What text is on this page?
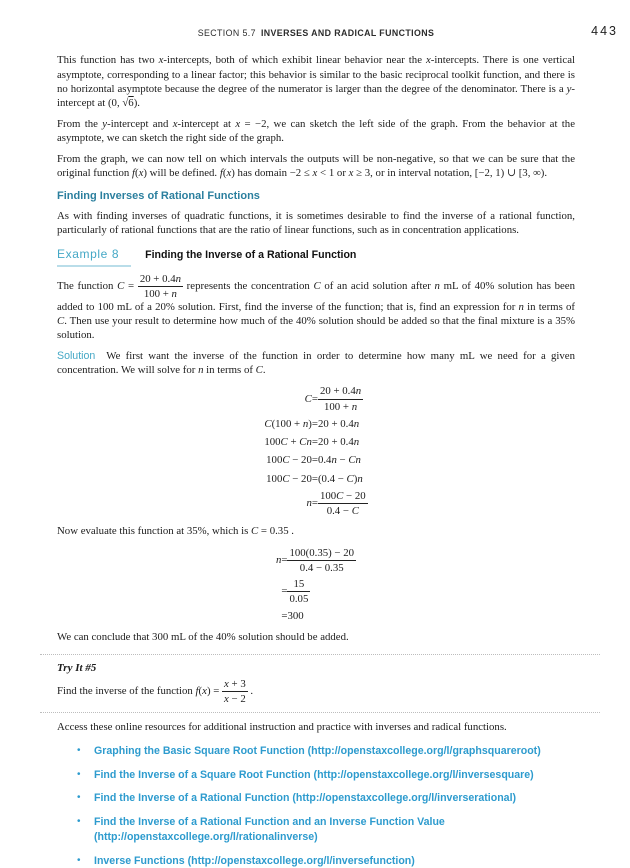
SECTION 5.7 INVERSES AND RADICAL FUNCTIONS	443

This function has two x-intercepts, both of which exhibit linear behavior near the x-intercepts. There is one vertical asymptote, corresponding to a linear factor; this behavior is similar to the basic reciprocal toolkit function, and there is no horizontal asymptote because the degree of the numerator is larger than the degree of the denominator. There is a y-intercept at (0, √6).

From the y-intercept and x-intercept at x = −2, we can sketch the left side of the graph. From the behavior at the asymptote, we can sketch the right side of the graph.

From the graph, we can now tell on which intervals the outputs will be non-negative, so that we can be sure that the original function f(x) will be defined. f(x) has domain −2 ≤ x < 1 or x ≥ 3, or in interval notation, [−2, 1) ∪ [3, ∞).

Finding Inverses of Rational Functions

As with finding inverses of quadratic functions, it is sometimes desirable to find the inverse of a rational function, particularly of rational functions that are the ratio of linear functions, such as in concentration applications.

Example 8 Finding the Inverse of a Rational Function

The function $C = \frac{20 + 0.4n}{100 + n}$ represents the concentration C of an acid solution after n mL of 40% solution has been added to 100 mL of a 20% solution. First, find the inverse of the function; that is, find an expression for n in terms of C. Then use your result to determine how much of the 40% solution should be added so that the final mixture is a 35% solution.

Solution We first want the inverse of the function in order to determine how many mL we need for a given concentration. We will solve for n in terms of C.

C	=	$\frac{20 + 0.4n}{100 + n}$

C(100 + n)	=	20 + 0.4n
100C + Cn	=	20 + 0.4n
100C − 20	=	0.4n − Cn
100C − 20	=	(0.4 − C)n
n	=	$\frac{100C - 20}{0.4 - C}$

Now evaluate this function at 35%, which is C = 0.35 .

n	=	$\frac{100(0.35) - 20}{0.4 - 0.35}$

	=	$\frac{15}{0.05}$

	=	300

We can conclude that 300 mL of the 40% solution should be added.

Try It #5
Find the inverse of the function $f(x) = \frac{x + 3}{x - 2}$ .

Access these online resources for additional instruction and practice with inverses and radical functions.

• Graphing the Basic Square Root Function (http://openstaxcollege.org/l/graphsquareroot)
• Find the Inverse of a Square Root Function (http://openstaxcollege.org/l/inversesquare)
• Find the Inverse of a Rational Function (http://openstaxcollege.org/l/inverserational)
• Find the Inverse of a Rational Function and an Inverse Function Value (http://openstaxcollege.org/l/rationalinverse)
• Inverse Functions (http://openstaxcollege.org/l/inversefunction)
